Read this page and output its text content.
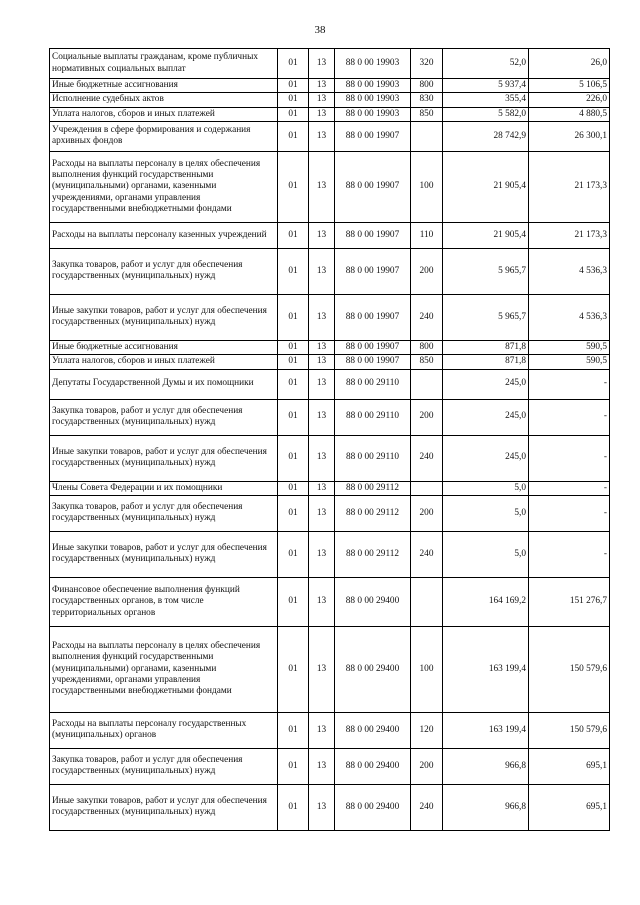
38
Социальные выплаты гражданам, кроме публичных нормативных социальных выплат	01	13	88 0 00 19903	320	52,0	26,0
Иные бюджетные ассигнования	01	13	88 0 00 19903	800	5 937,4	5 106,5
Исполнение судебных актов	01	13	88 0 00 19903	830	355,4	226,0
Уплата налогов, сборов и иных платежей	01	13	88 0 00 19903	850	5 582,0	4 880,5
Учреждения в сфере формирования и содержания архивных фондов	01	13	88 0 00 19907		28 742,9	26 300,1
Расходы на выплаты персоналу в целях обеспечения выполнения функций государственными (муниципальными) органами, казенными учреждениями, органами управления государственными внебюджетными фондами	01	13	88 0 00 19907	100	21 905,4	21 173,3
Расходы на выплаты персоналу казенных учреждений	01	13	88 0 00 19907	110	21 905,4	21 173,3
Закупка товаров, работ и услуг для обеспечения государственных (муниципальных) нужд	01	13	88 0 00 19907	200	5 965,7	4 536,3
Иные закупки товаров, работ и услуг для обеспечения государственных (муниципальных) нужд	01	13	88 0 00 19907	240	5 965,7	4 536,3
Иные бюджетные ассигнования	01	13	88 0 00 19907	800	871,8	590,5
Уплата налогов, сборов и иных платежей	01	13	88 0 00 19907	850	871,8	590,5
Депутаты Государственной Думы и их помощники	01	13	88 0 00 29110		245,0	-
Закупка товаров, работ и услуг для обеспечения государственных (муниципальных) нужд	01	13	88 0 00 29110	200	245,0	-
Иные закупки товаров, работ и услуг для обеспечения государственных (муниципальных) нужд	01	13	88 0 00 29110	240	245,0	-
Члены Совета Федерации и их помощники	01	13	88 0 00 29112		5,0	-
Закупка товаров, работ и услуг для обеспечения государственных (муниципальных) нужд	01	13	88 0 00 29112	200	5,0	-
Иные закупки товаров, работ и услуг для обеспечения государственных (муниципальных) нужд	01	13	88 0 00 29112	240	5,0	-
Финансовое обеспечение выполнения функций государственных органов, в том числе территориальных органов	01	13	88 0 00 29400		164 169,2	151 276,7
Расходы на выплаты персоналу в целях обеспечения выполнения функций государственными (муниципальными) органами, казенными учреждениями, органами управления государственными внебюджетными фондами	01	13	88 0 00 29400	100	163 199,4	150 579,6
Расходы на выплаты персоналу государственных (муниципальных) органов	01	13	88 0 00 29400	120	163 199,4	150 579,6
Закупка товаров, работ и услуг для обеспечения государственных (муниципальных) нужд	01	13	88 0 00 29400	200	966,8	695,1
Иные закупки товаров, работ и услуг для обеспечения государственных (муниципальных) нужд	01	13	88 0 00 29400	240	966,8	695,1
